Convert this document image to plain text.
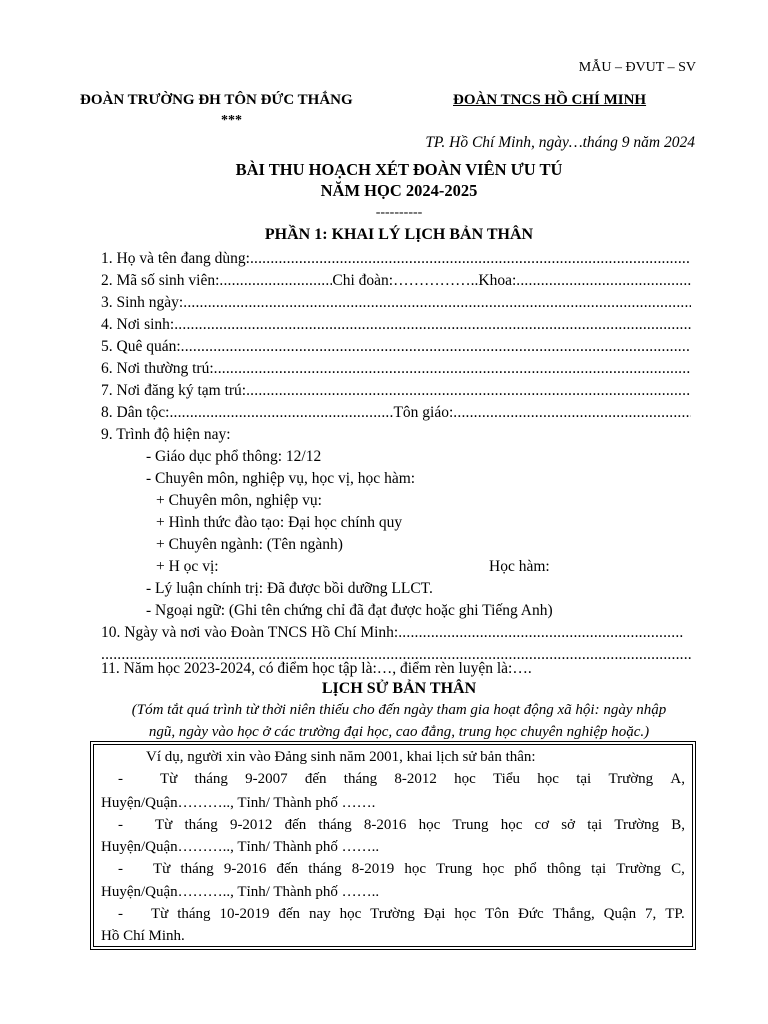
MẪU – ĐVUT – SV
ĐOÀN TRƯỜNG ĐH TÔN ĐỨC THẮNG	ĐOÀN TNCS HỒ CHÍ MINH
***
TP. Hồ Chí Minh, ngày…tháng 9 năm 2024
BÀI THU HOẠCH XÉT ĐOÀN VIÊN ƯU TÚ
NĂM HỌC 2024-2025
----------
PHẦN 1: KHAI LÝ LỊCH BẢN THÂN
1. Họ và tên đang dùng:
.....
2. Mã số sinh viên: .....	Chi đoàn:…………….. Khoa:
.....
3. Sinh ngày:
.....
4. Nơi sinh:
.....
5. Quê quán:
.....
6. Nơi thường trú:
.....
7. Nơi đăng ký tạm trú:
.....
8. Dân tộc: .....	Tôn giáo:
.....
9. Trình độ hiện nay:
- Giáo dục phổ thông: 12/12
- Chuyên môn, nghiệp vụ, học vị, học hàm:
+ Chuyên môn, nghiệp vụ:
+ Hình thức đào tạo: Đại học chính quy
+ Chuyên ngành: (Tên ngành)
+ H ọc vị:	Học hàm:
- Lý luận chính trị: Đã được bồi dưỡng LLCT.
- Ngoại ngữ: (Ghi tên chứng chỉ đã đạt được hoặc ghi Tiếng Anh)
10. Ngày và nơi vào Đoàn TNCS Hồ Chí Minh:
.....
.....
11. Năm học 2023-2024, có điểm học tập là:…, điểm rèn luyện là:….
LỊCH SỬ BẢN THÂN
(Tóm tắt quá trình từ thời niên thiếu cho đến ngày tham gia hoạt động xã hội: ngày nhập
ngũ, ngày vào học ở các trường đại học, cao đẳng, trung học chuyên nghiệp hoặc.)
Ví dụ, người xin vào Đảng sinh năm 2001, khai lịch sử bản thân:
- Từ tháng 9-2007 đến tháng 8-2012 học Tiểu học tại Trường A,
Huyện/Quận……….., Tỉnh/ Thành phố …….
- Từ tháng 9-2012 đến tháng 8-2016 học Trung học cơ sở tại Trường B,
Huyện/Quận……….., Tỉnh/ Thành phố ……..
- Từ tháng 9-2016 đến tháng 8-2019 học Trung học phổ thông tại Trường C,
Huyện/Quận……….., Tỉnh/ Thành phố ……..
- Từ tháng 10-2019 đến nay học Trường Đại học Tôn Đức Thắng, Quận 7, TP.
Hồ Chí Minh.
